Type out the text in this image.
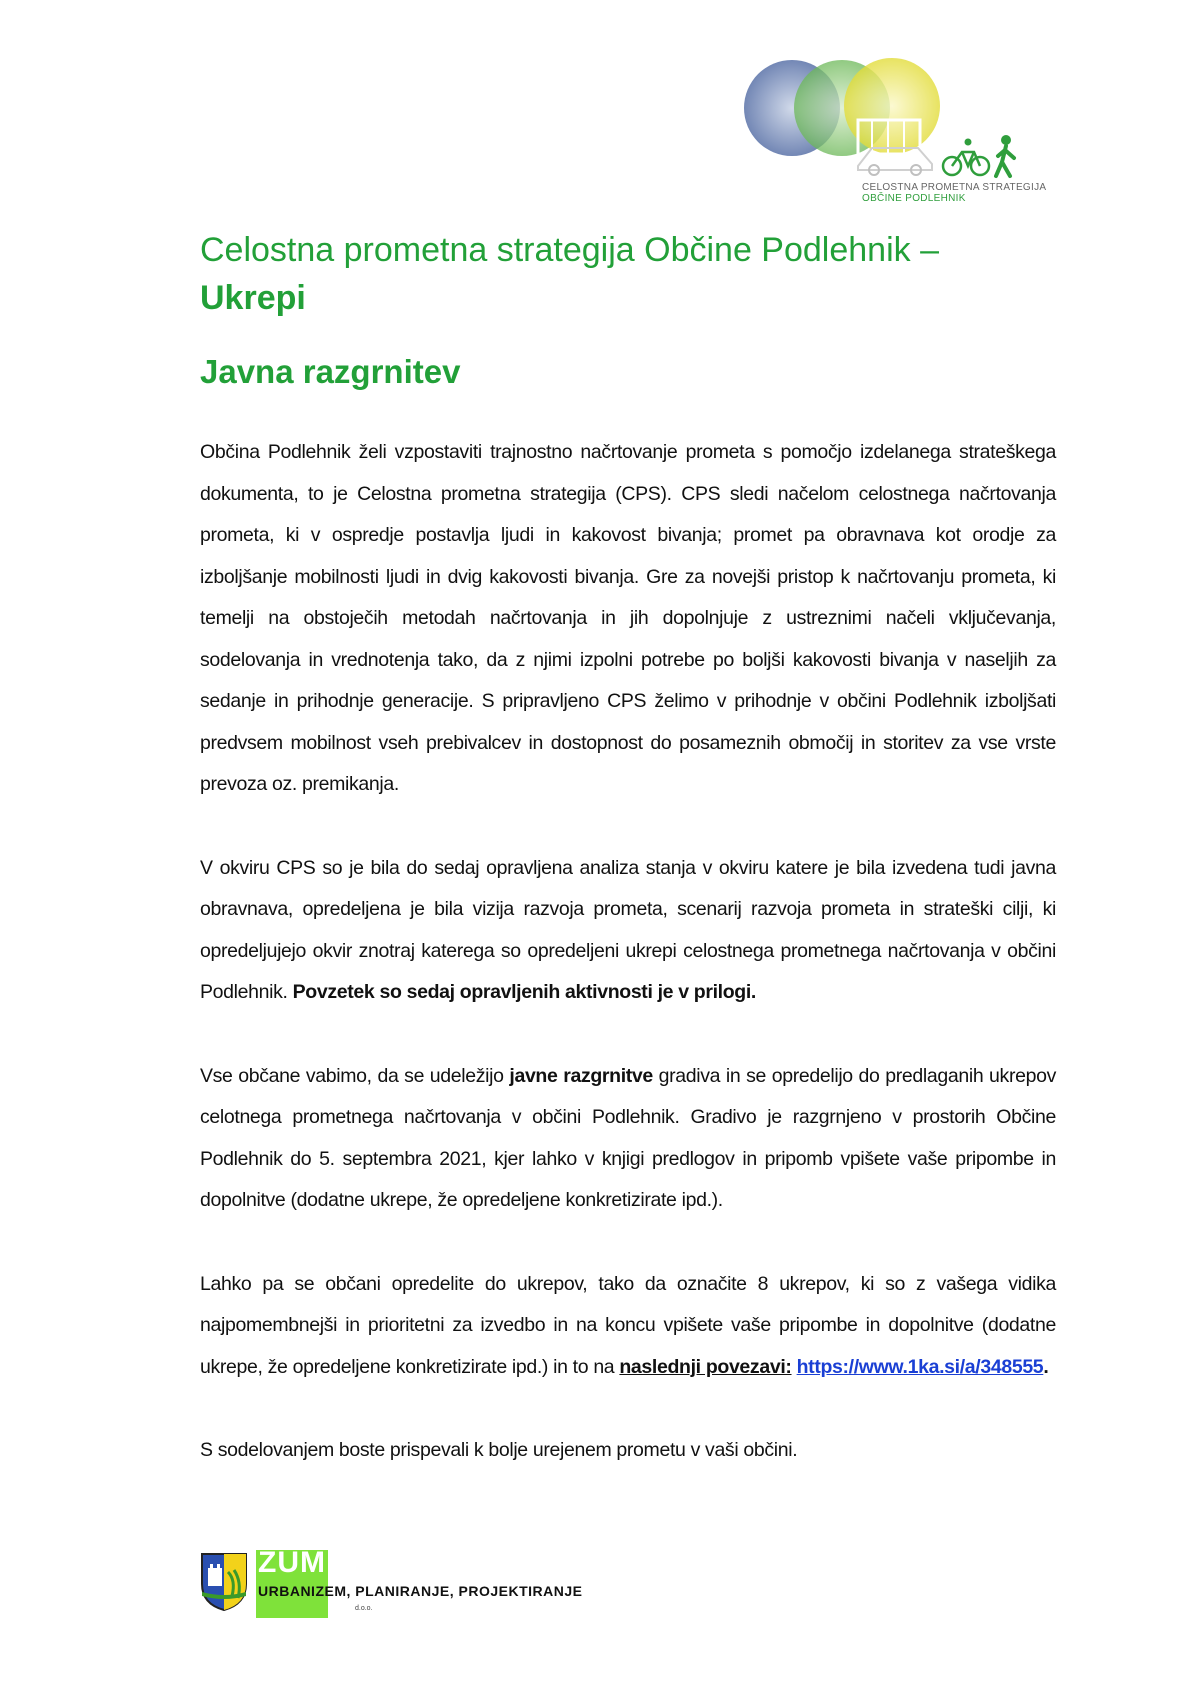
CELOSTNA PROMETNA STRATEGIJA
OBČINE PODLEHNIK
Celostna prometna strategija Občine Podlehnik –
Ukrepi
Javna razgrnitev

Občina Podlehnik želi vzpostaviti trajnostno načrtovanje prometa s pomočjo izdelanega strateškega dokumenta, to je Celostna prometna strategija (CPS). CPS sledi načelom celostnega načrtovanja prometa, ki v ospredje postavlja ljudi in kakovost bivanja; promet pa obravnava kot orodje za izboljšanje mobilnosti ljudi in dvig kakovosti bivanja. Gre za novejši pristop k načrtovanju prometa, ki temelji na obstoječih metodah načrtovanja in jih dopolnjuje z ustreznimi načeli vključevanja, sodelovanja in vrednotenja tako, da z njimi izpolni potrebe po boljši kakovosti bivanja v naseljih za sedanje in prihodnje generacije. S pripravljeno CPS želimo v prihodnje v občini Podlehnik izboljšati predvsem mobilnost vseh prebivalcev in dostopnost do posameznih območij in storitev za vse vrste prevoza oz. premikanja.

V okviru CPS so je bila do sedaj opravljena analiza stanja v okviru katere je bila izvedena tudi javna obravnava, opredeljena je bila vizija razvoja prometa, scenarij razvoja prometa in strateški cilji, ki opredeljujejo okvir znotraj katerega so opredeljeni ukrepi celostnega prometnega načrtovanja v občini Podlehnik. Povzetek so sedaj opravljenih aktivnosti je v prilogi.

Vse občane vabimo, da se udeležijo javne razgrnitve gradiva in se opredelijo do predlaganih ukrepov celotnega prometnega načrtovanja v občini Podlehnik. Gradivo je razgrnjeno v prostorih Občine Podlehnik do 5. septembra 2021, kjer lahko v knjigi predlogov in pripomb vpišete vaše pripombe in dopolnitve (dodatne ukrepe, že opredeljene konkretizirate ipd.).

Lahko pa se občani opredelite do ukrepov, tako da označite 8 ukrepov, ki so z vašega vidika najpomembnejši in prioritetni za izvedbo in na koncu vpišete vaše pripombe in dopolnitve (dodatne ukrepe, že opredeljene konkretizirate ipd.) in to na naslednji povezavi: https://www.1ka.si/a/348555.

S sodelovanjem boste prispevali k bolje urejenem prometu v vaši občini.

ZUM
URBANIZEM, PLANIRANJE, PROJEKTIRANJE
d.o.o.
